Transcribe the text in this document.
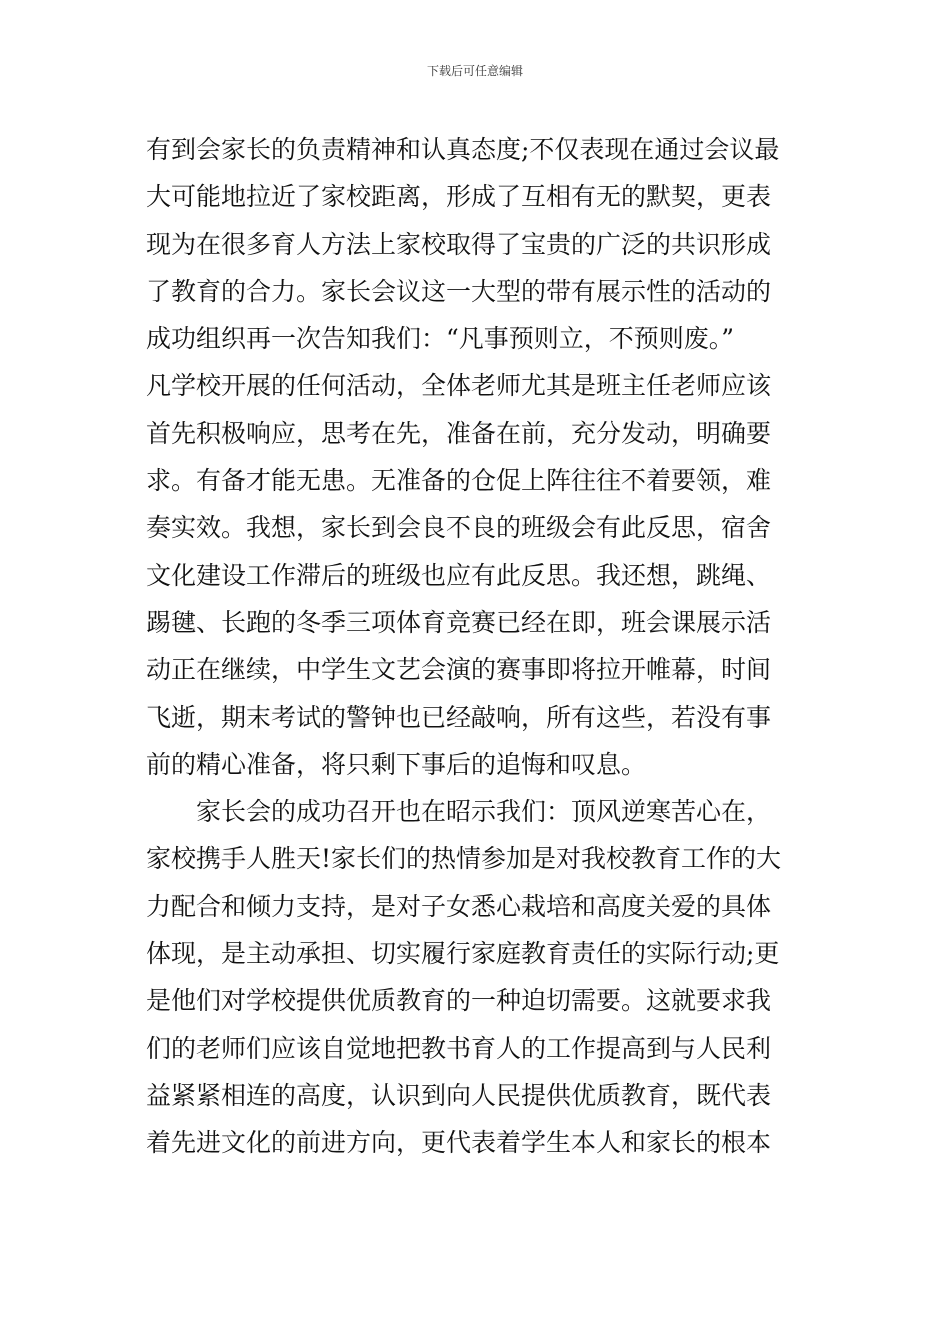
下载后可任意编辑
有到会家长的负责精神和认真态度;不仅表现在通过会议最
大可能地拉近了家校距离，形成了互相有无的默契，更表
现为在很多育人方法上家校取得了宝贵的广泛的共识形成
了教育的合力。家长会议这一大型的带有展示性的活动的
成功组织再一次告知我们：“凡事预则立，不预则废。”
凡学校开展的任何活动，全体老师尤其是班主任老师应该
首先积极响应，思考在先，准备在前，充分发动，明确要
求。有备才能无患。无准备的仓促上阵往往不着要领，难
奏实效。我想，家长到会良不良的班级会有此反思，宿舍
文化建设工作滞后的班级也应有此反思。我还想，跳绳、
踢毽、长跑的冬季三项体育竞赛已经在即，班会课展示活
动正在继续，中学生文艺会演的赛事即将拉开帷幕，时间
飞逝，期末考试的警钟也已经敲响，所有这些，若没有事
前的精心准备，将只剩下事后的追悔和叹息。
家长会的成功召开也在昭示我们：顶风逆寒苦心在，
家校携手人胜天!家长们的热情参加是对我校教育工作的大
力配合和倾力支持，是对子女悉心栽培和高度关爱的具体
体现，是主动承担、切实履行家庭教育责任的实际行动;更
是他们对学校提供优质教育的一种迫切需要。这就要求我
们的老师们应该自觉地把教书育人的工作提高到与人民利
益紧紧相连的高度，认识到向人民提供优质教育，既代表
着先进文化的前进方向，更代表着学生本人和家长的根本
